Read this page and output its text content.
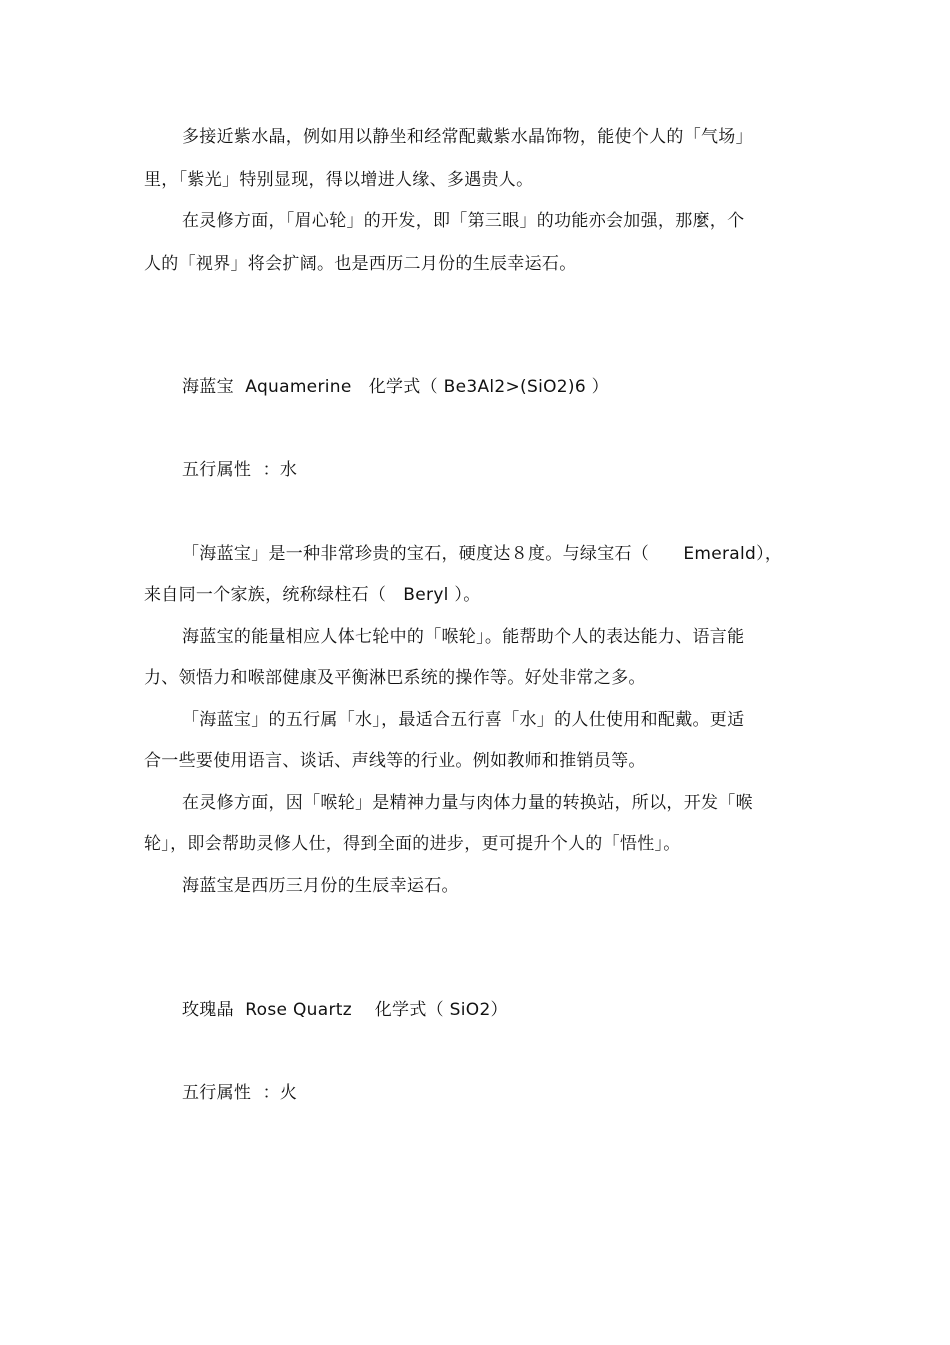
多接近紫水晶，例如用以静坐和经常配戴紫水晶饰物，能使个人的「气场」
里，「紫光」特别显现，得以增进人缘、多遇贵人。
在灵修方面，「眉心轮」的开发，即「第三眼」的功能亦会加强，那麼，个
人的「视界」将会扩阔。也是西历二月份的生辰幸运石。
海蓝宝  Aquamerine   化学式（ Be3Al2>(SiO2)6 ）
五行属性  ：水
「海蓝宝」是一种非常珍贵的宝石，硬度达８度。与绿宝石（      Emerald），
来自同一个家族，统称绿柱石（   Beryl ）。
海蓝宝的能量相应人体七轮中的「喉轮」。能帮助个人的表达能力、语言能
力、领悟力和喉部健康及平衡淋巴系统的操作等。好处非常之多。
「海蓝宝」的五行属「水」，最适合五行喜「水」的人仕使用和配戴。更适
合一些要使用语言、谈话、声线等的行业。例如教师和推销员等。
在灵修方面，因「喉轮」是精神力量与肉体力量的转换站，所以，开发「喉
轮」，即会帮助灵修人仕，得到全面的进步，更可提升个人的「悟性」。
海蓝宝是西历三月份的生辰幸运石。
玫瑰晶  Rose Quartz    化学式（ SiO2）
五行属性  ：火
